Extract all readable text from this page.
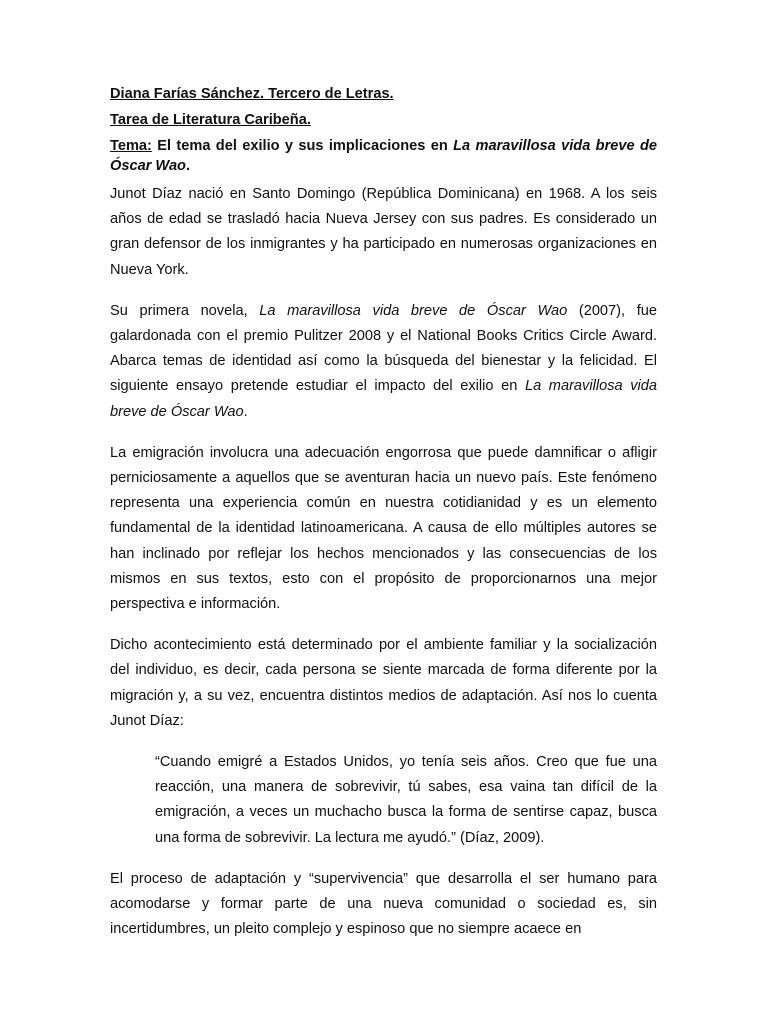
Diana Farías Sánchez. Tercero de Letras.
Tarea de Literatura Caribeña.
Tema: El tema del exilio y sus implicaciones en La maravillosa vida breve de Óscar Wao.

Junot Díaz nació en Santo Domingo (República Dominicana) en 1968. A los seis años de edad se trasladó hacia Nueva Jersey con sus padres. Es considerado un gran defensor de los inmigrantes y ha participado en numerosas organizaciones en Nueva York.

Su primera novela, La maravillosa vida breve de Óscar Wao (2007), fue galardonada con el premio Pulitzer 2008 y el National Books Critics Circle Award. Abarca temas de identidad así como la búsqueda del bienestar y la felicidad. El siguiente ensayo pretende estudiar el impacto del exilio en La maravillosa vida breve de Óscar Wao.

La emigración involucra una adecuación engorrosa que puede damnificar o afligir perniciosamente a aquellos que se aventuran hacia un nuevo país. Este fenómeno representa una experiencia común en nuestra cotidianidad y es un elemento fundamental de la identidad latinoamericana. A causa de ello múltiples autores se han inclinado por reflejar los hechos mencionados y las consecuencias de los mismos en sus textos, esto con el propósito de proporcionarnos una mejor perspectiva e información.

Dicho acontecimiento está determinado por el ambiente familiar y la socialización del individuo, es decir, cada persona se siente marcada de forma diferente por la migración y, a su vez, encuentra distintos medios de adaptación. Así nos lo cuenta Junot Díaz:

“Cuando emigré a Estados Unidos, yo tenía seis años. Creo que fue una reacción, una manera de sobrevivir, tú sabes, esa vaina tan difícil de la emigración, a veces un muchacho busca la forma de sentirse capaz, busca una forma de sobrevivir. La lectura me ayudó.” (Díaz, 2009).

El proceso de adaptación y “supervivencia” que desarrolla el ser humano para acomodarse y formar parte de una nueva comunidad o sociedad es, sin incertidumbres, un pleito complejo y espinoso que no siempre acaece en
